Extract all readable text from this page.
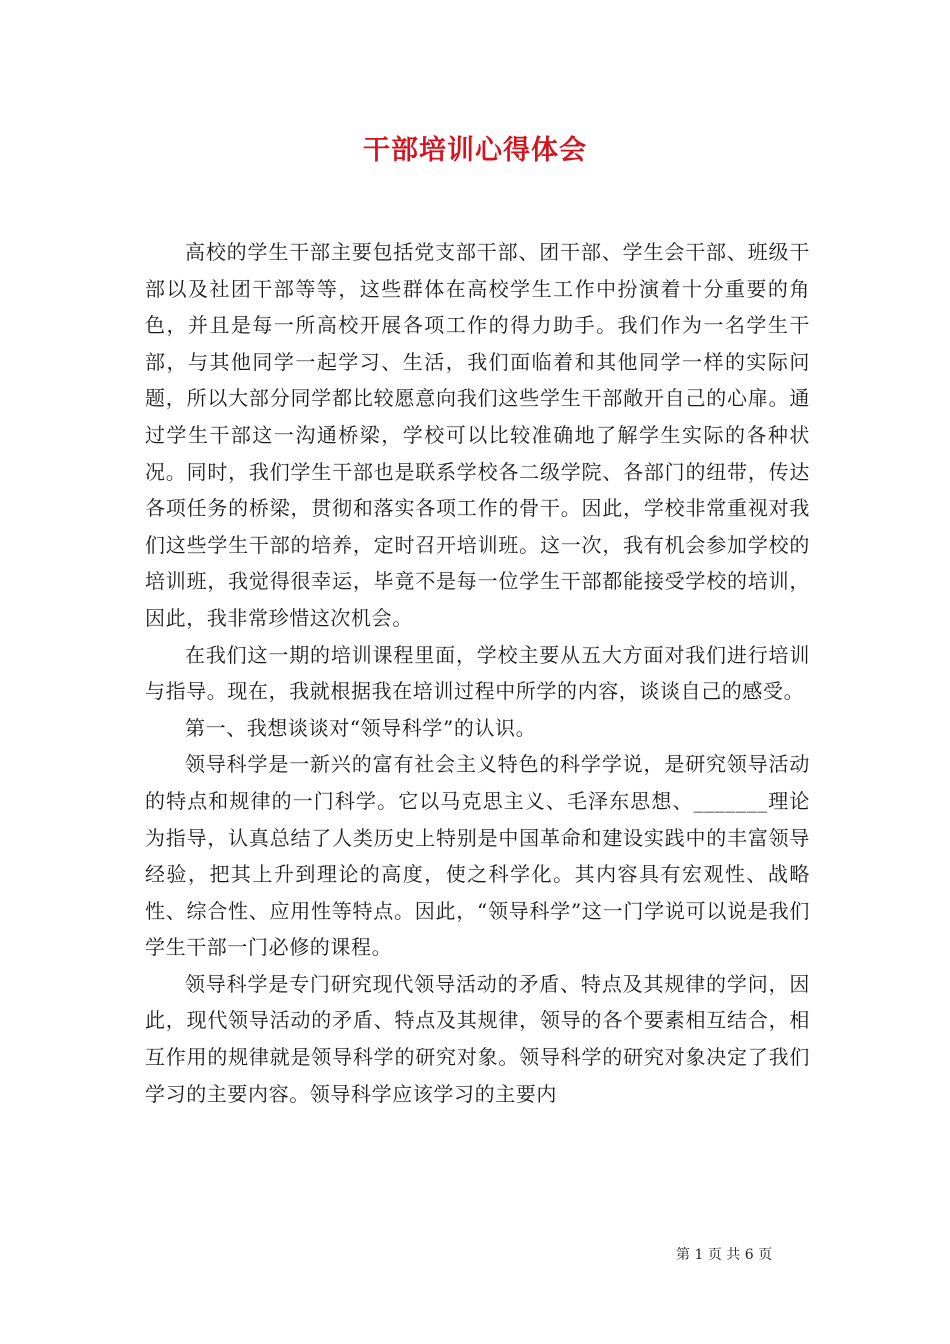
干部培训心得体会

高校的学生干部主要包括党支部干部、团干部、学生会干部、班级干部以及社团干部等等，这些群体在高校学生工作中扮演着十分重要的角色，并且是每一所高校开展各项工作的得力助手。我们作为一名学生干部，与其他同学一起学习、生活，我们面临着和其他同学一样的实际问题，所以大部分同学都比较愿意向我们这些学生干部敞开自己的心扉。通过学生干部这一沟通桥梁，学校可以比较准确地了解学生实际的各种状况。同时，我们学生干部也是联系学校各二级学院、各部门的纽带，传达各项任务的桥梁，贯彻和落实各项工作的骨干。因此，学校非常重视对我们这些学生干部的培养，定时召开培训班。这一次，我有机会参加学校的培训班，我觉得很幸运，毕竟不是每一位学生干部都能接受学校的培训，因此，我非常珍惜这次机会。

在我们这一期的培训课程里面，学校主要从五大方面对我们进行培训与指导。现在，我就根据我在培训过程中所学的内容，谈谈自己的感受。

第一、我想谈谈对“领导科学”的认识。

领导科学是一新兴的富有社会主义特色的科学学说，是研究领导活动的特点和规律的一门科学。它以马克思主义、毛泽东思想、_______理论为指导，认真总结了人类历史上特别是中国革命和建设实践中的丰富领导经验，把其上升到理论的高度，使之科学化。其内容具有宏观性、战略性、综合性、应用性等特点。因此，“领导科学”这一门学说可以说是我们学生干部一门必修的课程。

领导科学是专门研究现代领导活动的矛盾、特点及其规律的学问，因此，现代领导活动的矛盾、特点及其规律，领导的各个要素相互结合，相互作用的规律就是领导科学的研究对象。领导科学的研究对象决定了我们学习的主要内容。领导科学应该学习的主要内

第 1 页 共 6 页
